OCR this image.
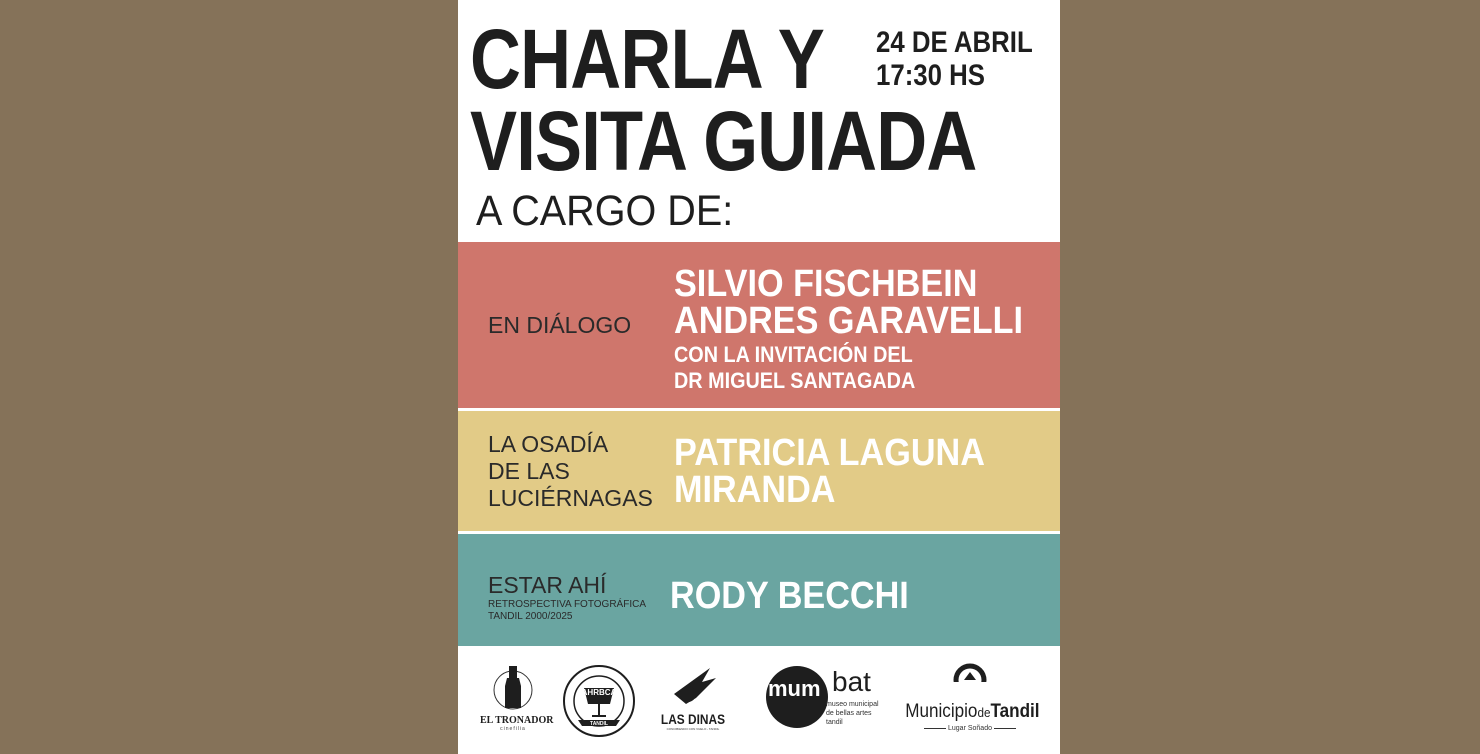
CHARLA Y
VISITA GUIADA
24 DE ABRIL
17:30 HS
A CARGO DE:
EN DIÁLOGO
SILVIO FISCHBEIN
ANDRES GARAVELLI
CON LA INVITACIÓN DEL
DR MIGUEL SANTAGADA
LA OSADÍA
DE LAS
LUCIÉRNAGAS
PATRICIA LAGUNA
MIRANDA
ESTAR AHÍ
RETROSPECTIVA FOTOGRÁFICA
TANDIL 2000/2025	RODY BECCHI
EL TRONADOR
cinefilia
AHRBCA
TANDIL	LAS DINAS
CONCIBIENDO CON VUELO - TANDIL
mum bat
museo municipal
de bellas artes tandil
MunicipiodeTandil
Lugar Soñado
